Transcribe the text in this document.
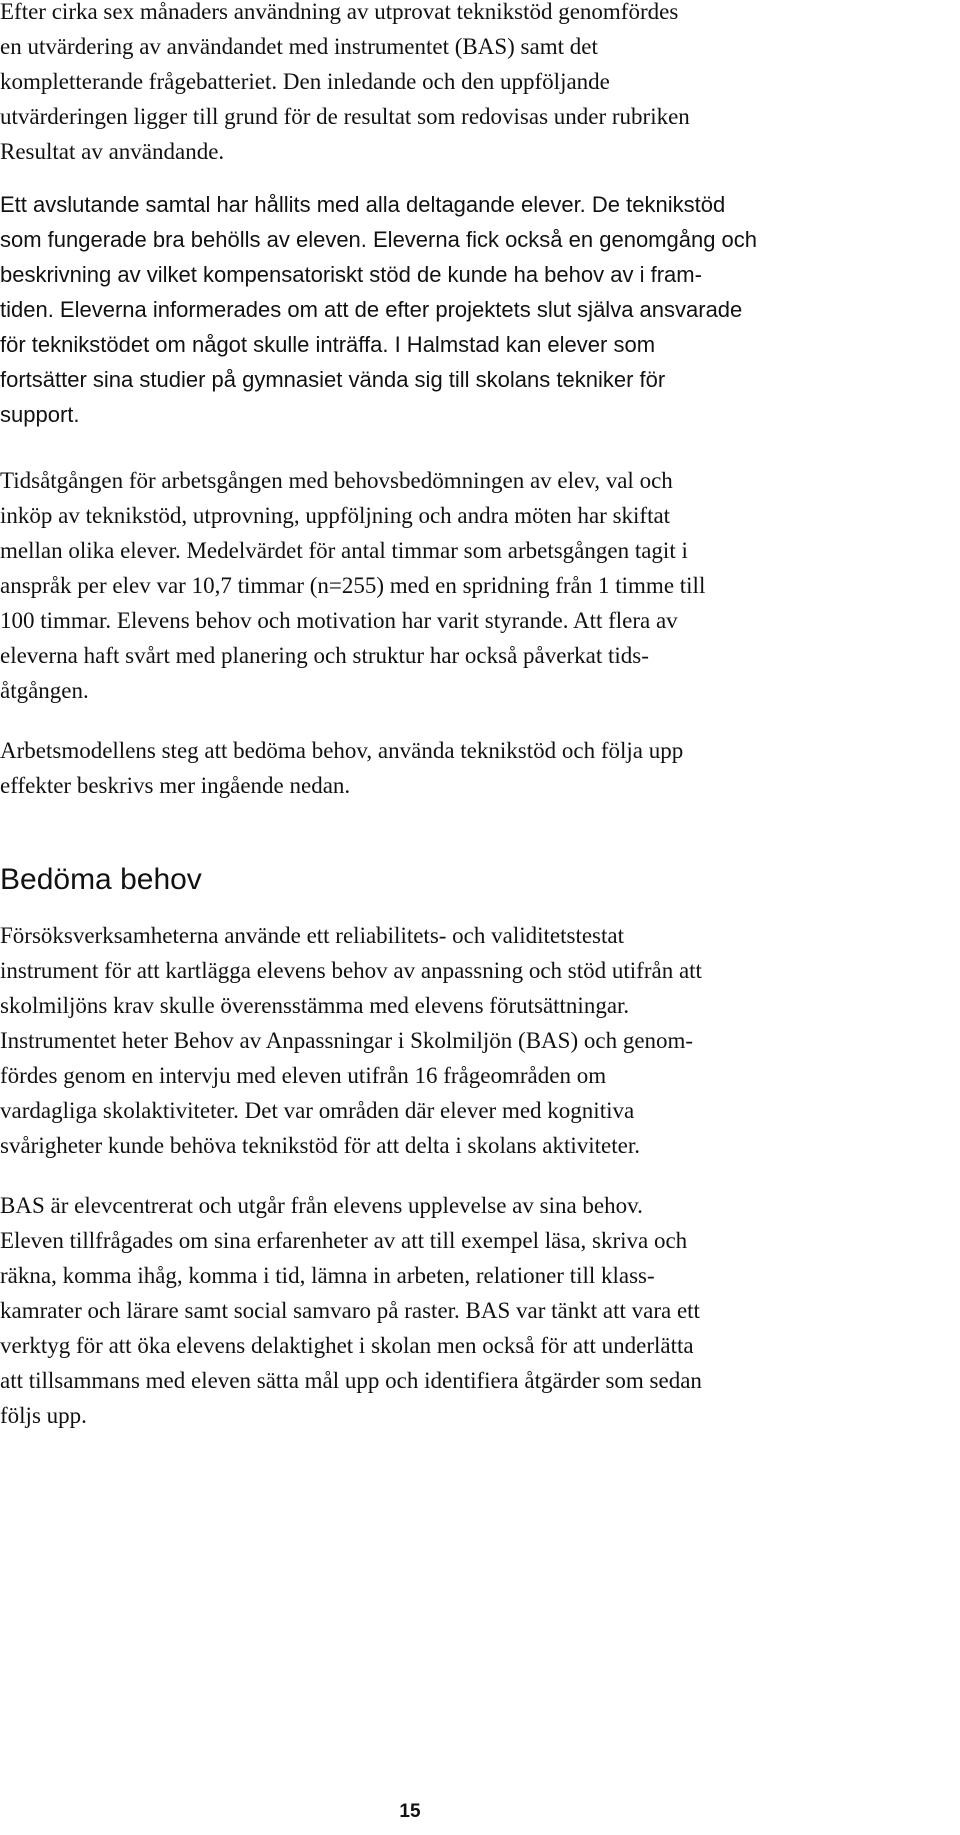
Efter cirka sex månaders användning av utprovat teknikstöd genomfördes
en utvärdering av användandet med instrumentet (BAS) samt det
kompletterande frågebatteriet. Den inledande och den uppföljande
utvärderingen ligger till grund för de resultat som redovisas under rubriken
Resultat av användande.

Ett avslutande samtal har hållits med alla deltagande elever. De teknikstöd
som fungerade bra behölls av eleven. Eleverna fick också en genomgång och
beskrivning av vilket kompensatoriskt stöd de kunde ha behov av i fram-
tiden. Eleverna informerades om att de efter projektets slut själva ansvarade
för teknikstödet om något skulle inträffa. I Halmstad kan elever som
fortsätter sina studier på gymnasiet vända sig till skolans tekniker för
support.

Tidsåtgången för arbetsgången med behovsbedömningen av elev, val och
inköp av teknikstöd, utprovning, uppföljning och andra möten har skiftat
mellan olika elever. Medelvärdet för antal timmar som arbetsgången tagit i
anspråk per elev var 10,7 timmar (n=255) med en spridning från 1 timme till
100 timmar. Elevens behov och motivation har varit styrande. Att flera av
eleverna haft svårt med planering och struktur har också påverkat tids-
åtgången.

Arbetsmodellens steg att bedöma behov, använda teknikstöd och följa upp
effekter beskrivs mer ingående nedan.

Bedöma behov

Försöksverksamheterna använde ett reliabilitets- och validitetstestat
instrument för att kartlägga elevens behov av anpassning och stöd utifrån att
skolmiljöns krav skulle överensstämma med elevens förutsättningar.
Instrumentet heter Behov av Anpassningar i Skolmiljön (BAS) och genom-
fördes genom en intervju med eleven utifrån 16 frågeområden om
vardagliga skolaktiviteter. Det var områden där elever med kognitiva
svårigheter kunde behöva teknikstöd för att delta i skolans aktiviteter.

BAS är elevcentrerat och utgår från elevens upplevelse av sina behov.
Eleven tillfrågades om sina erfarenheter av att till exempel läsa, skriva och
räkna, komma ihåg, komma i tid, lämna in arbeten, relationer till klass-
kamrater och lärare samt social samvaro på raster. BAS var tänkt att vara ett
verktyg för att öka elevens delaktighet i skolan men också för att underlätta
att tillsammans med eleven sätta mål upp och identifiera åtgärder som sedan
följs upp.

15
